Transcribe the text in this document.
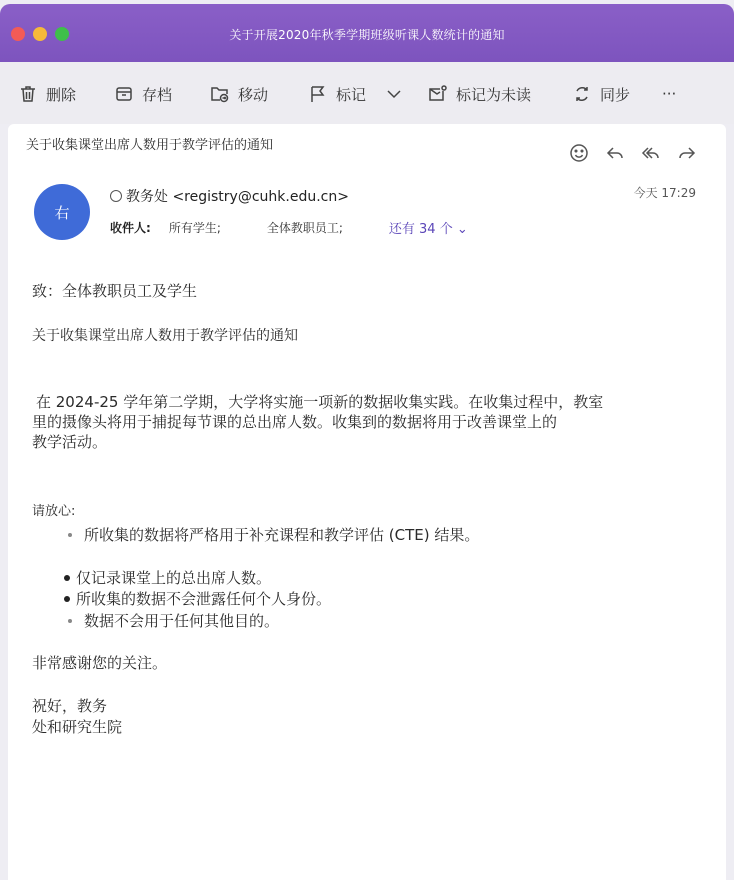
关于开展2020年秋季学期班级听课人数统计的通知
删除	存档	移动	标记	标记为未读	同步 ···
关于收集课堂出席人数用于教学评估的通知
右
教务处 <registry@cuhk.edu.cn>	今天 17:29
收件人: 所有学生;	全体教职员工;	还有 34 个 ⌄
致：全体教职员工及学生
关于收集课堂出席人数用于教学评估的通知
在 2024-25 学年第二学期，大学将实施一项新的数据收集实践。在收集过程中，教室
里的摄像头将用于捕捉每节课的总出席人数。收集到的数据将用于改善课堂上的
教学活动。
请放心:
所收集的数据将严格用于补充课程和教学评估 (CTE) 结果。
仅记录课堂上的总出席人数。
所收集的数据不会泄露任何个人身份。
数据不会用于任何其他目的。
非常感谢您的关注。
祝好，教务
处和研究生院
